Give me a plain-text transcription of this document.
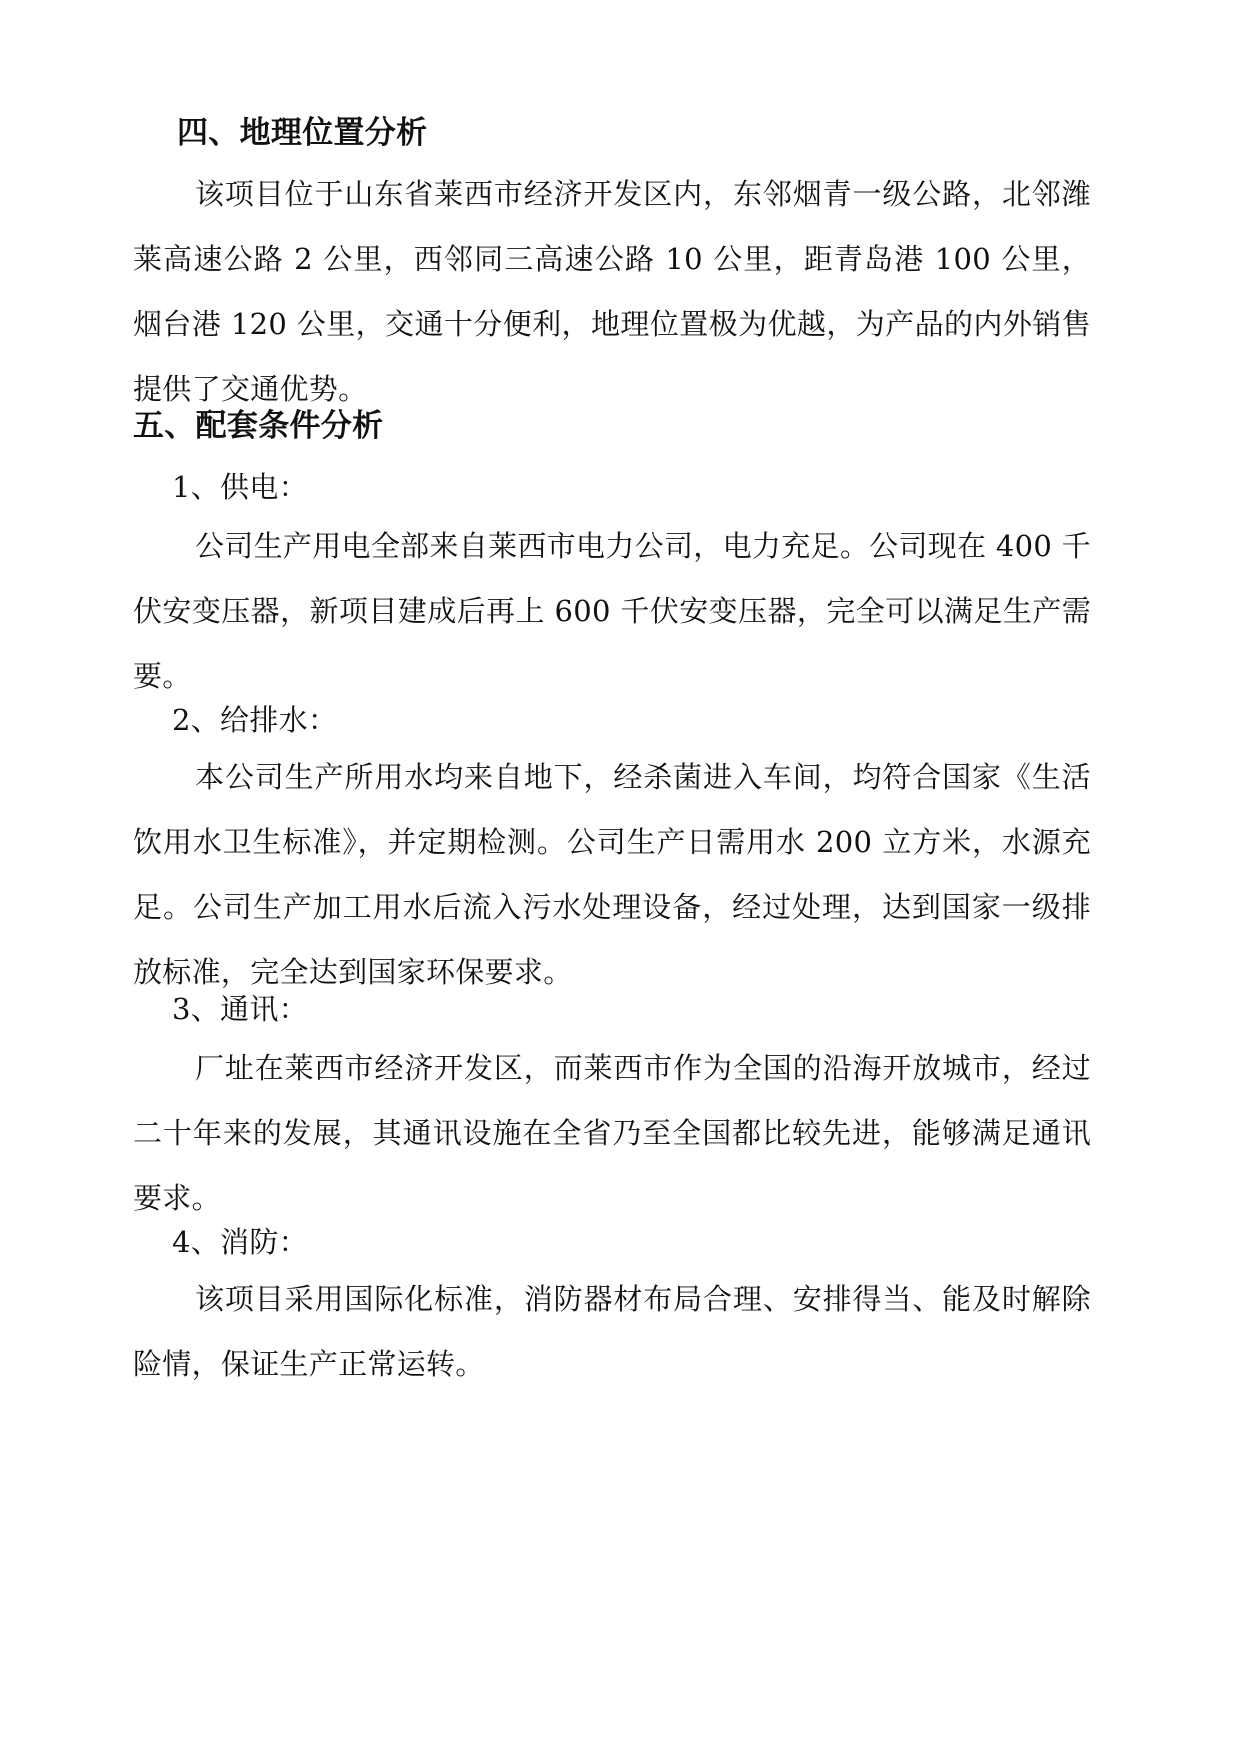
四、地理位置分析

该项目位于山东省莱西市经济开发区内，东邻烟青一级公路，北邻潍莱高速公路 2 公里，西邻同三高速公路 10 公里，距青岛港 100 公里，烟台港 120 公里，交通十分便利，地理位置极为优越，为产品的内外销售提供了交通优势。

五、配套条件分析

1、供电：

公司生产用电全部来自莱西市电力公司，电力充足。公司现在 400 千伏安变压器，新项目建成后再上 600 千伏安变压器，完全可以满足生产需要。

2、给排水：

本公司生产所用水均来自地下，经杀菌进入车间，均符合国家《生活饮用水卫生标准》，并定期检测。公司生产日需用水 200 立方米，水源充足。公司生产加工用水后流入污水处理设备，经过处理，达到国家一级排放标准，完全达到国家环保要求。

3、通讯：

厂址在莱西市经济开发区，而莱西市作为全国的沿海开放城市，经过二十年来的发展，其通讯设施在全省乃至全国都比较先进，能够满足通讯要求。

4、消防：

该项目采用国际化标准，消防器材布局合理、安排得当、能及时解除险情，保证生产正常运转。
